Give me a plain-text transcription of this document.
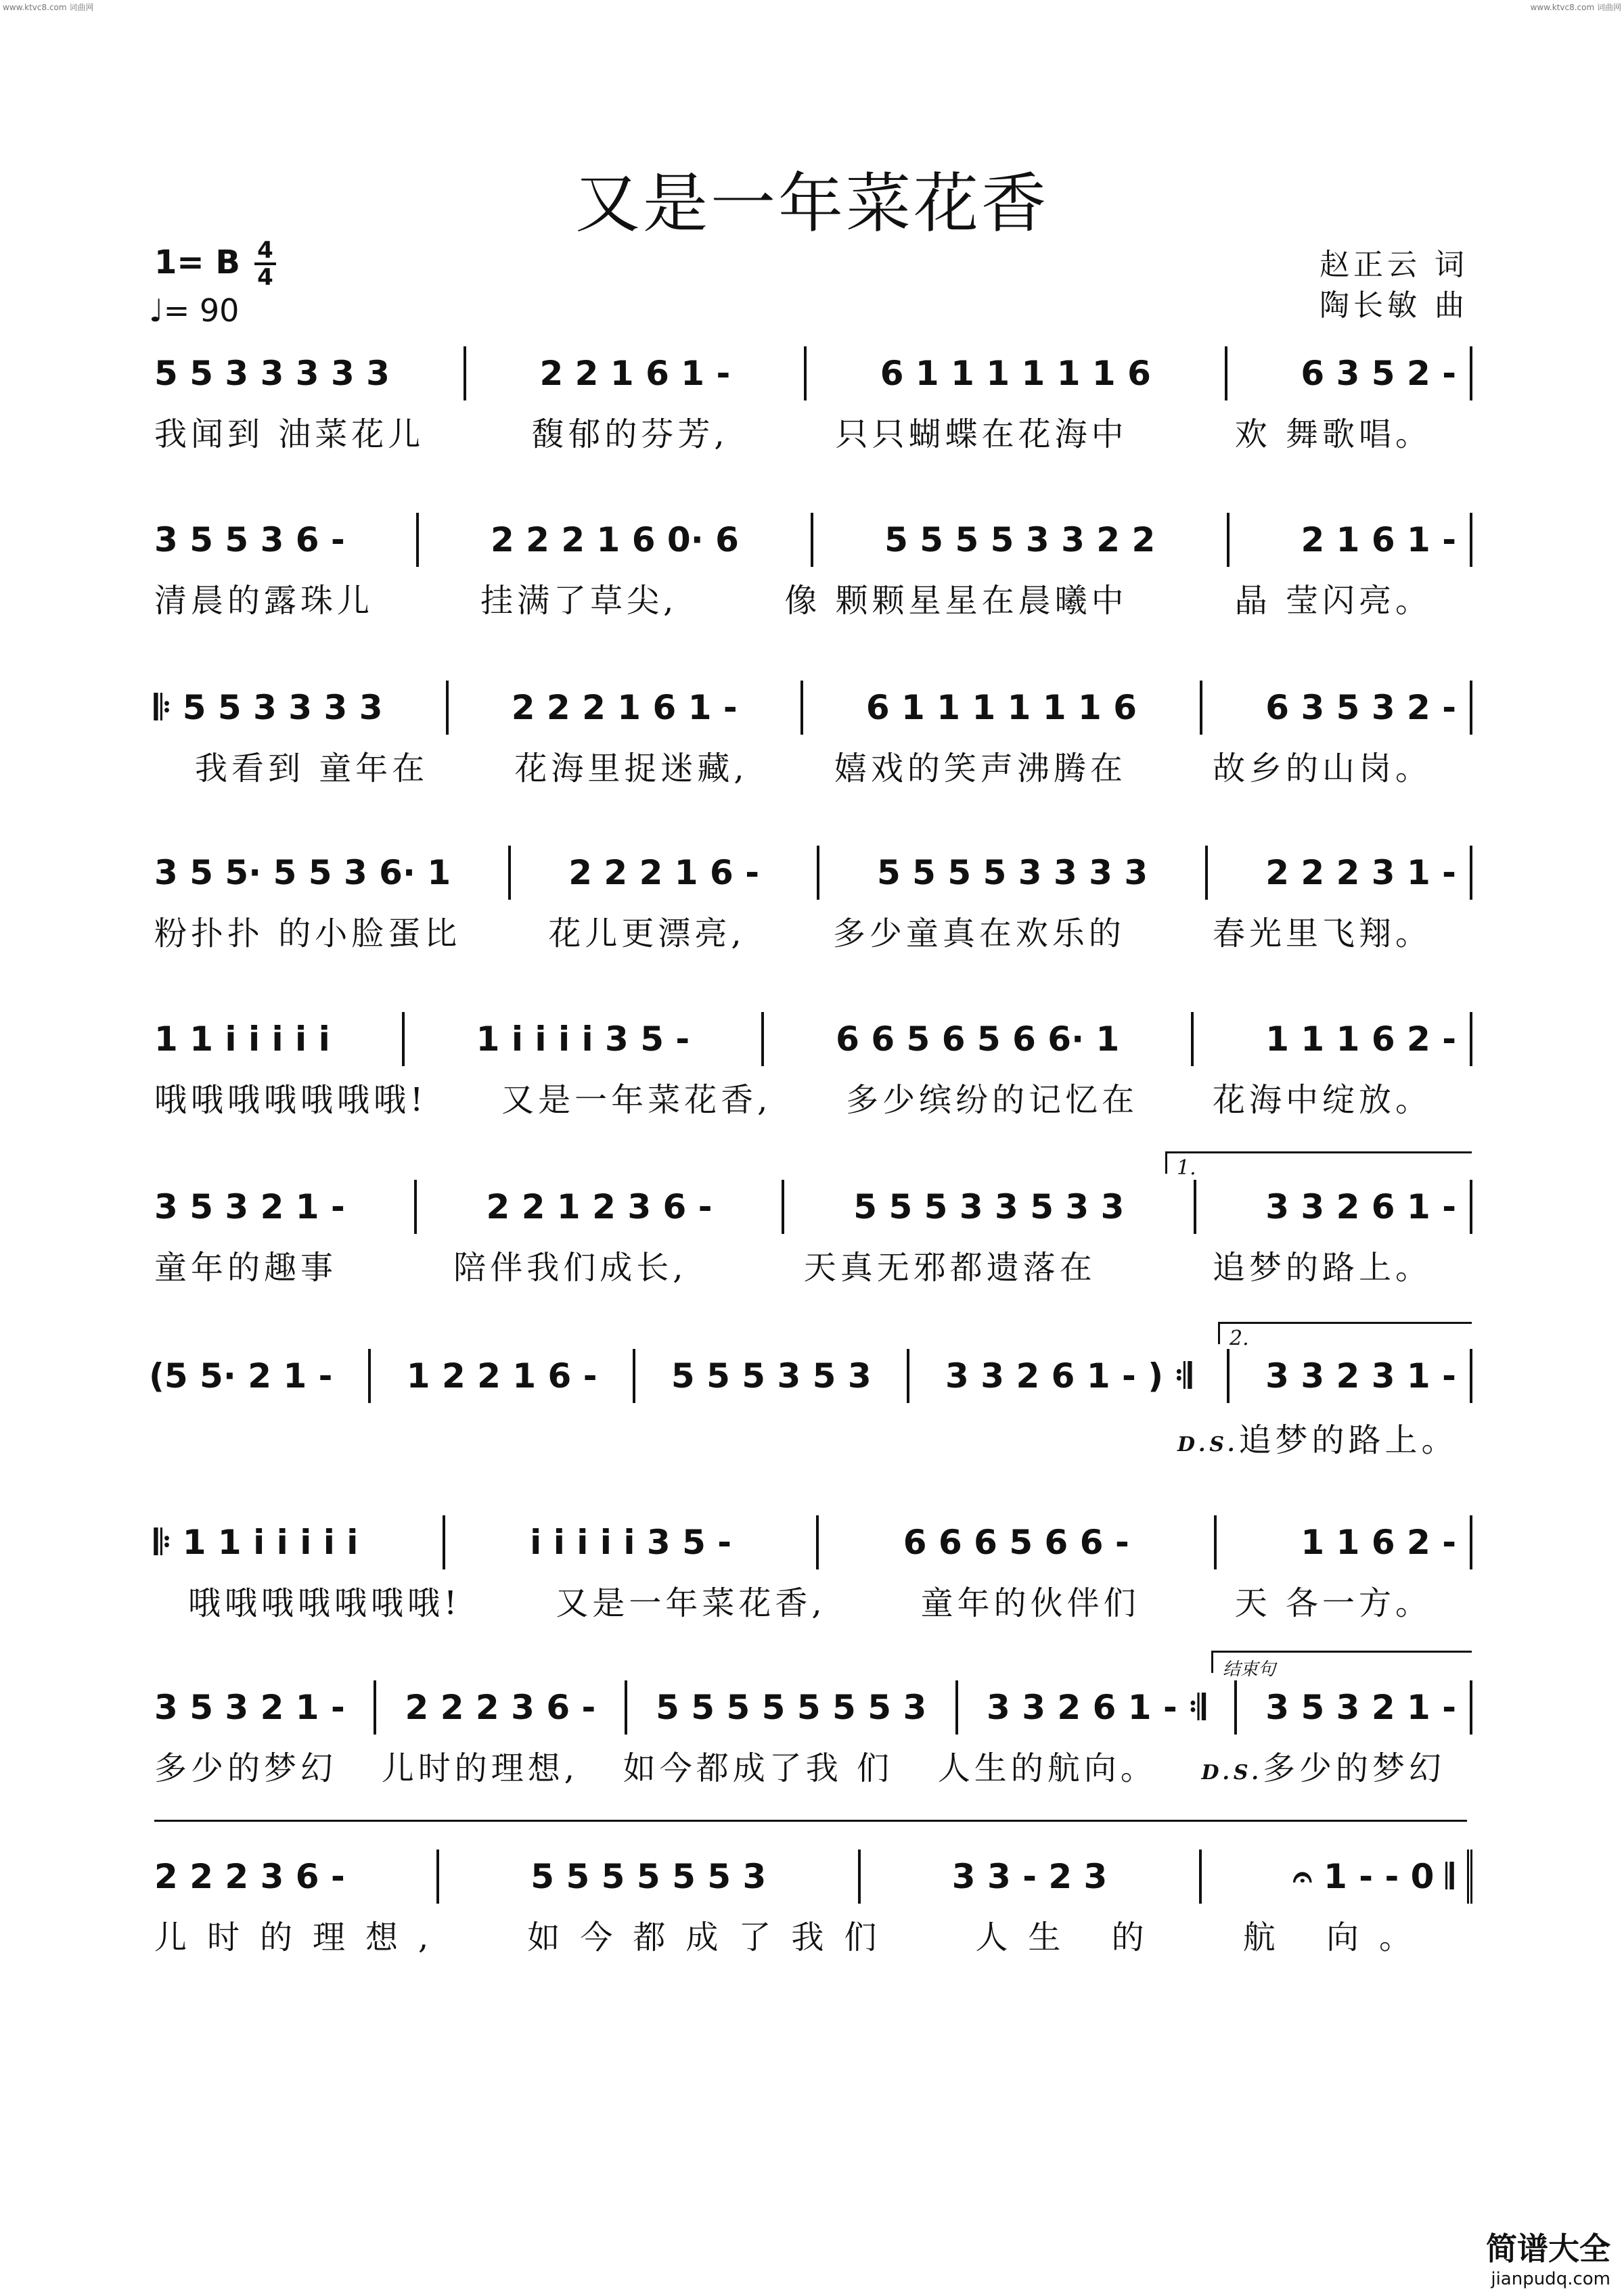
www.ktvc8.com 词曲网	www.ktvc8.com 词曲网
又是一年菜花香
1= B 4
4
♩= 90
赵正云 词
陶长敏 曲
5 5 3 3 3 3 3	2 2 1 6 1 -	6 1 1 1 1 1 1 6	6 3 5 2 -
我闻到 油菜花儿	馥郁的芬芳,	只只蝴蝶在花海中	欢 舞歌唱。
3 5 5 3 6 -	2 2 2 1 6 0· 6	5 5 5 5 3 3 2 2	2 1 6 1 -
清晨的露珠儿	挂满了草尖,	像 颗颗星星在晨曦中	晶 莹闪亮。
𝄆 5 5 3 3 3 3	2 2 2 1 6 1 -	6 1 1 1 1 1 1 6	6 3 5 3 2 -
我看到 童年在	花海里捉迷藏,	嬉戏的笑声沸腾在	故乡的山岗。
3 5 5· 5 5 3 6· 1	2 2 2 1 6 -	5 5 5 5 3 3 3 3	2 2 2 3 1 -
粉扑扑 的小脸蛋比	花儿更漂亮,	多少童真在欢乐的	春光里飞翔。
1 1 i i i i i	1 i i i i 3 5 -	6 6 5 6 5 6 6· 1	1 1 1 6 2 -
哦哦哦哦哦哦哦! 又是一年菜花香, 多少缤纷的记忆在 花海中绽放。
1.
3 5 3 2 1 -	2 2 1 2 3 6 -	5 5 5 3 3 5 3 3	3 3 2 6 1 -
童年的趣事	陪伴我们成长,	天真无邪都遗落在	追梦的路上。
2.
(5 5· 2 1 - 1 2 2 1 6 - 5 5 5 3 5 3 3 3 2 6 1 - ) 𝄇 3 3 2 3 1 -
D.S.追梦的路上。
𝄆 1 1 i i i i i	i i i i i 3 5 -	6 6 6 5 6 6 -	1 1 6 2 -
哦哦哦哦哦哦哦!	又是一年菜花香,	童年的伙伴们	天 各一方。
结束句
3 5 3 2 1 - 2 2 2 3 6 - 5 5 5 5 5 5 5 3 3 3 2 6 1 - 𝄇 3 5 3 2 1 -
多少的梦幻 儿时的理想, 如今都成了我 们 人生的航向。 D.S.多少的梦幻
2 2 2 3 6 -	5 5 5 5 5 5 3	3 3 - 2 3	𝄐 1 - - 0 𝄂
儿时的理想, 如今都成了我们 人生 的 航 向。
简谱大全
jianpudq.com
